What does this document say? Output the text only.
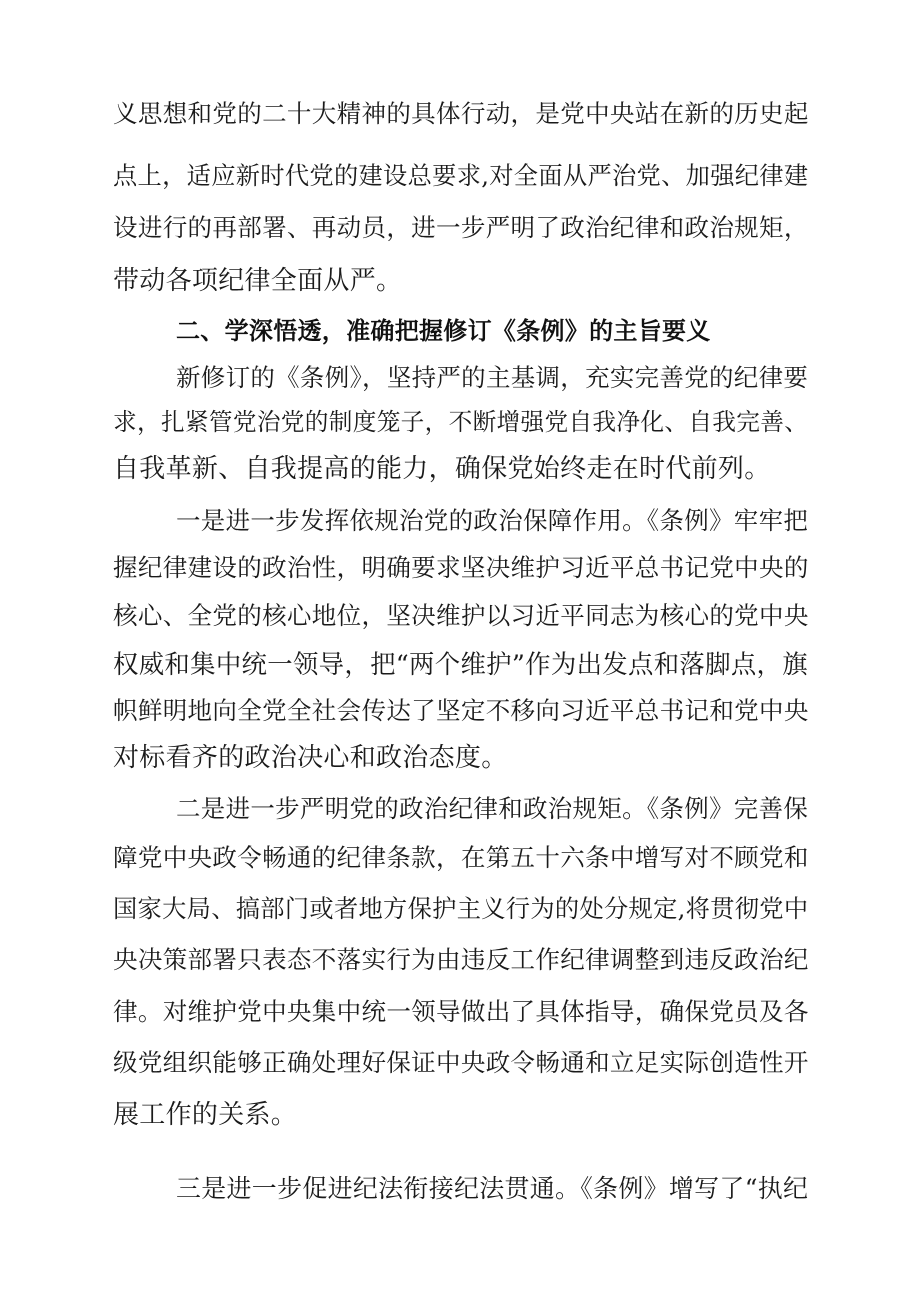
义思想和党的二十大精神的具体行动，是党中央站在新的历史起

点上，适应新时代党的建设总要求,对全面从严治党、加强纪律建

设进行的再部署、再动员，进一步严明了政治纪律和政治规矩，

带动各项纪律全面从严。

二、学深悟透，准确把握修订《条例》的主旨要义

新修订的《条例》，坚持严的主基调，充实完善党的纪律要

求，扎紧管党治党的制度笼子，不断增强党自我净化、自我完善、

自我革新、自我提高的能力，确保党始终走在时代前列。

一是进一步发挥依规治党的政治保障作用。《条例》牢牢把

握纪律建设的政治性，明确要求坚决维护习近平总书记党中央的

核心、全党的核心地位，坚决维护以习近平同志为核心的党中央

权威和集中统一领导，把“两个维护”作为出发点和落脚点，旗

帜鲜明地向全党全社会传达了坚定不移向习近平总书记和党中央

对标看齐的政治决心和政治态度。

二是进一步严明党的政治纪律和政治规矩。《条例》完善保

障党中央政令畅通的纪律条款，在第五十六条中增写对不顾党和

国家大局、搞部门或者地方保护主义行为的处分规定,将贯彻党中

央决策部署只表态不落实行为由违反工作纪律调整到违反政治纪

律。对维护党中央集中统一领导做出了具体指导，确保党员及各

级党组织能够正确处理好保证中央政令畅通和立足实际创造性开

展工作的关系。

三是进一步促进纪法衔接纪法贯通。《条例》增写了“执纪
